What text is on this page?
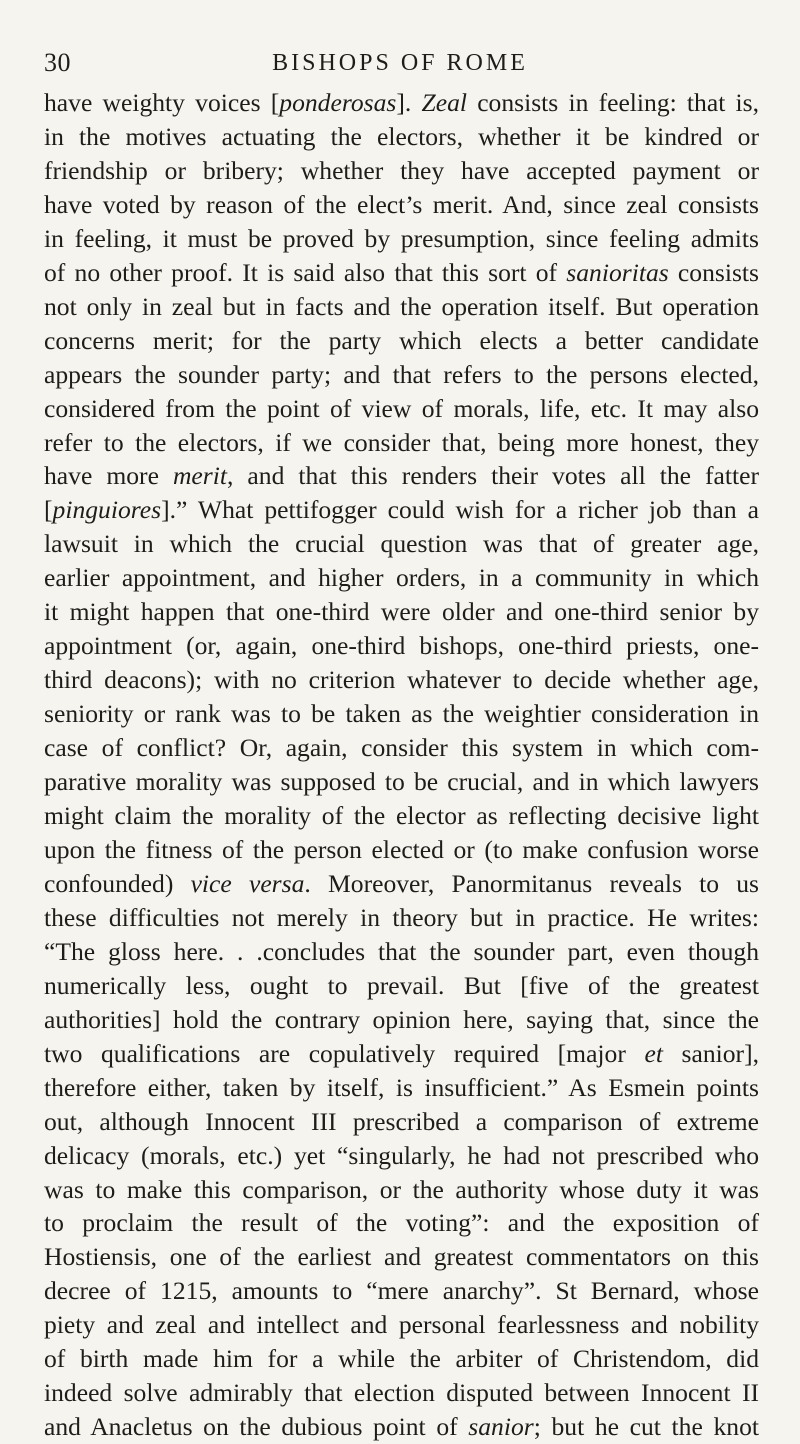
30	BISHOPS OF ROME
have weighty voices [ponderosas]. Zeal consists in feeling: that is,
in the motives actuating the electors, whether it be kindred or
friendship or bribery; whether they have accepted payment or
have voted by reason of the elect’s merit. And, since zeal consists
in feeling, it must be proved by presumption, since feeling admits
of no other proof. It is said also that this sort of sanioritas consists
not only in zeal but in facts and the operation itself. But operation
concerns merit; for the party which elects a better candidate
appears the sounder party; and that refers to the persons elected,
considered from the point of view of morals, life, etc. It may also
refer to the electors, if we consider that, being more honest, they
have more merit, and that this renders their votes all the fatter
[pinguiores].” What pettifogger could wish for a richer job than a
lawsuit in which the crucial question was that of greater age,
earlier appointment, and higher orders, in a community in which
it might happen that one-third were older and one-third senior by
appointment (or, again, one-third bishops, one-third priests, one-
third deacons); with no criterion whatever to decide whether age,
seniority or rank was to be taken as the weightier consideration in
case of conflict? Or, again, consider this system in which com-
parative morality was supposed to be crucial, and in which lawyers
might claim the morality of the elector as reflecting decisive light
upon the fitness of the person elected or (to make confusion worse
confounded) vice versa. Moreover, Panormitanus reveals to us
these difficulties not merely in theory but in practice. He writes:
“The gloss here. . .concludes that the sounder part, even though
numerically less, ought to prevail. But [five of the greatest
authorities] hold the contrary opinion here, saying that, since the
two qualifications are copulatively required [major et sanior],
therefore either, taken by itself, is insufficient.” As Esmein points
out, although Innocent III prescribed a comparison of extreme
delicacy (morals, etc.) yet “singularly, he had not prescribed who
was to make this comparison, or the authority whose duty it was
to proclaim the result of the voting”: and the exposition of
Hostiensis, one of the earliest and greatest commentators on this
decree of 1215, amounts to “mere anarchy”. St Bernard, whose
piety and zeal and intellect and personal fearlessness and nobility
of birth made him for a while the arbiter of Christendom, did
indeed solve admirably that election disputed between Innocent II
and Anacletus on the dubious point of sanior; but he cut the knot
